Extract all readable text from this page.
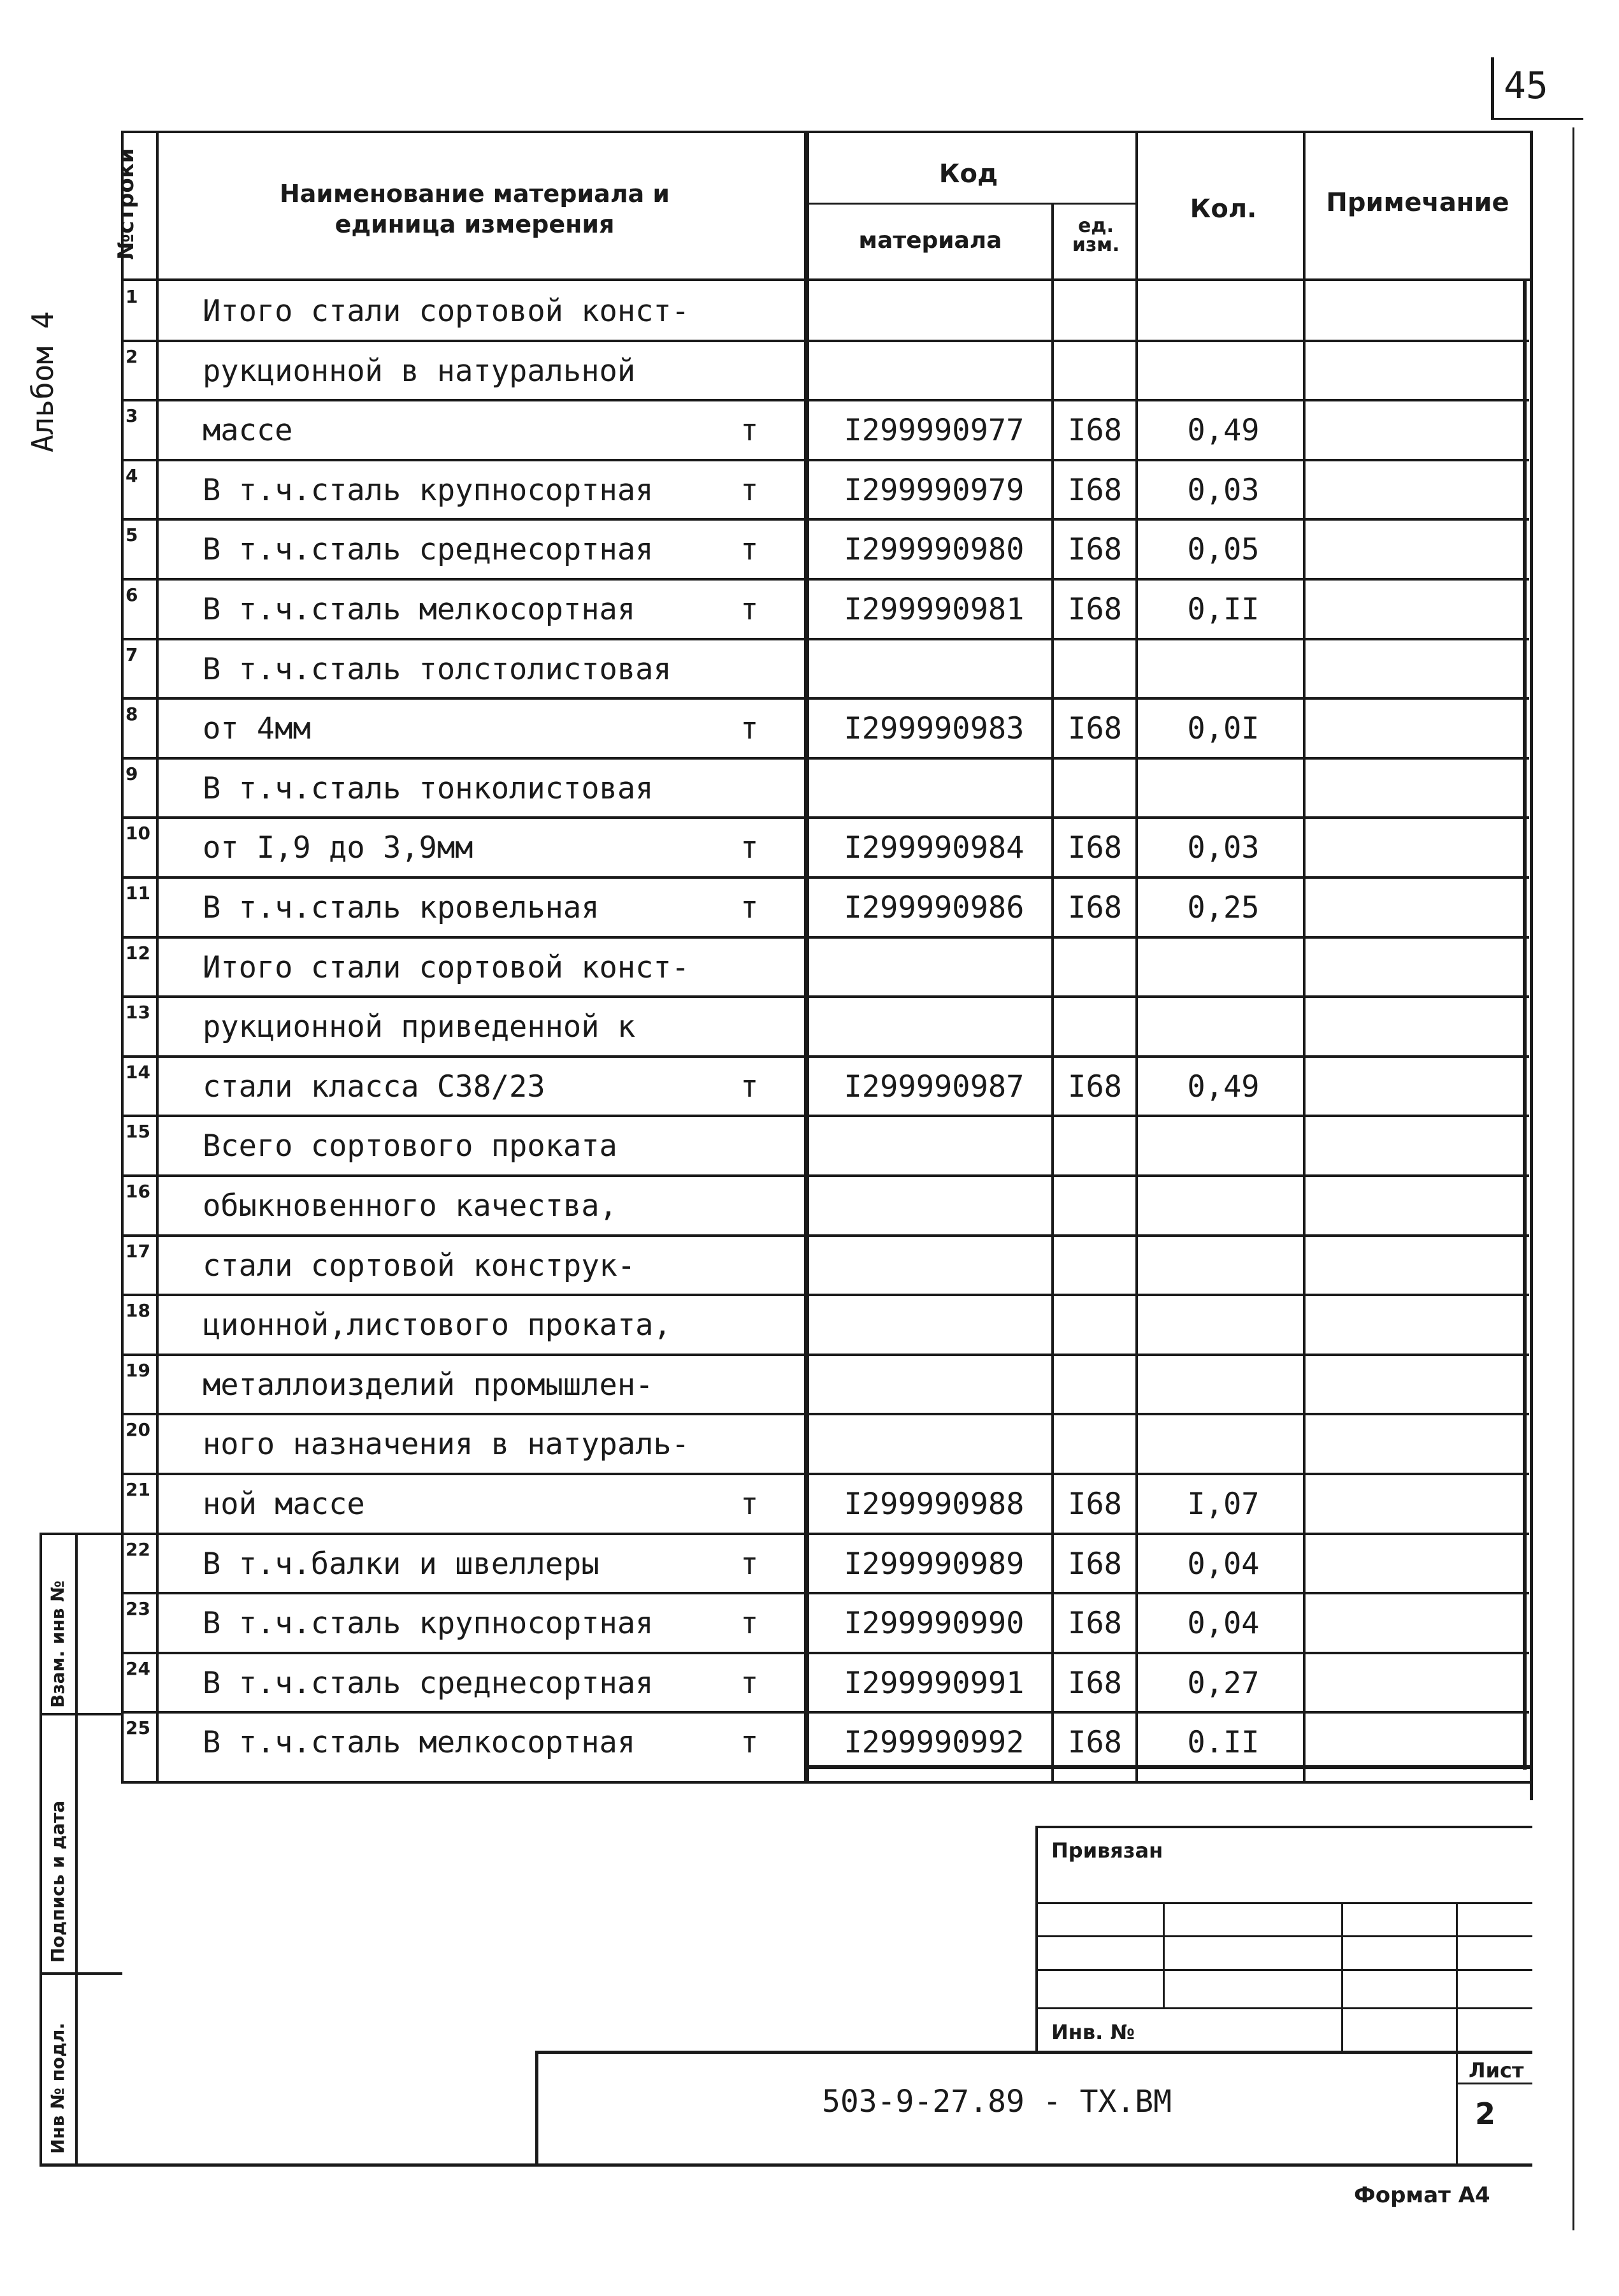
45
Альбом 4
№строки	Наименование материала и
единица измерения
Код
материала
ед.
изм.
Кол.	Примечание
1	Итого стали сортовой конст-
2	рукционной в натуральной
3	массе	т	I299990977	I68	0,49
4	В т.ч.сталь крупносортная	т	I299990979	I68	0,03
5	В т.ч.сталь среднесортная	т	I299990980	I68	0,05
6	В т.ч.сталь мелкосортная	т	I299990981	I68	0,II
7	В т.ч.сталь толстолистовая
8	от 4мм	т	I299990983	I68	0,0I
9	В т.ч.сталь тонколистовая
10 от I,9 до 3,9мм	т	I299990984	I68	0,03
11 В т.ч.сталь кровельная	т	I299990986	I68	0,25
12 Итого стали сортовой конст-
13 рукционной приведенной к
14 стали класса С38/23	т	I299990987	I68	0,49
15 Всего сортового проката
16 обыкновенного качества,
17 стали сортовой конструк-
18 ционной,листового проката,
19 металлоизделий промышлен-
20 ного назначения в натураль-
21 ной массе	т	I299990988	I68	I,07
22 В т.ч.балки и швеллеры	т	I299990989	I68	0,04
23 В т.ч.сталь крупносортная	т	I299990990	I68	0,04
24 В т.ч.сталь среднесортная	т	I299990991	I68	0,27
25 В т.ч.сталь мелкосортная	т	I299990992	I68	0.II
Взам. инв №
Подпись и дата
Инв № подл.
Привязан
Инв. №
503-9-27.89 - ТХ.ВМ
Лист
2
Формат А4
